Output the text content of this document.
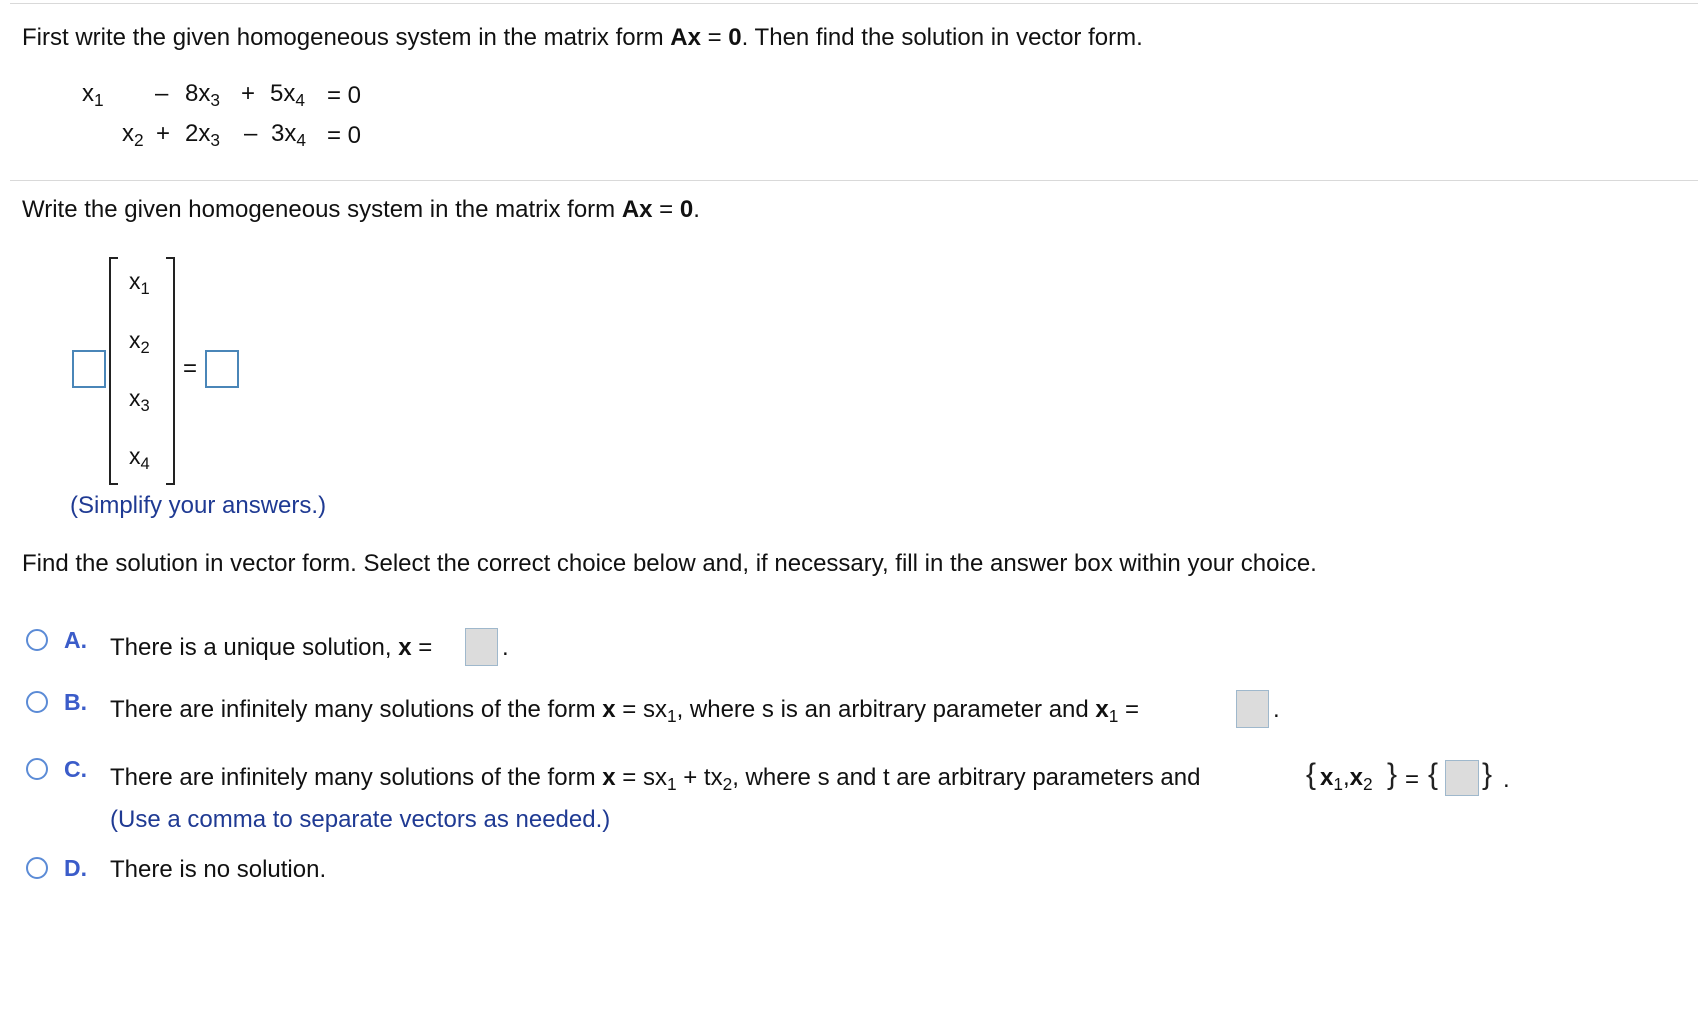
First write the given homogeneous system in the matrix form Ax = 0. Then find the solution in vector form.
$x_1 - 8x_3 + 5x_4 = 0$
$x_2 + 2x_3 - 3x_4 = 0$
Write the given homogeneous system in the matrix form Ax = 0.
$x_1$
$x_2$
$x_3$
$x_4$
=
(Simplify your answers.)
Find the solution in vector form. Select the correct choice below and, if necessary, fill in the answer box within your choice.
A. There is a unique solution, x =	.
B. There are infinitely many solutions of the form $x = sx_1$, where s is an arbitrary parameter and $x_1$ =	.
C. There are infinitely many solutions of the form $x = sx_1 + tx_2$, where s and t are arbitrary parameters and	{ $x_1,x_2$ } = { } .
(Use a comma to separate vectors as needed.)
D. There is no solution.
